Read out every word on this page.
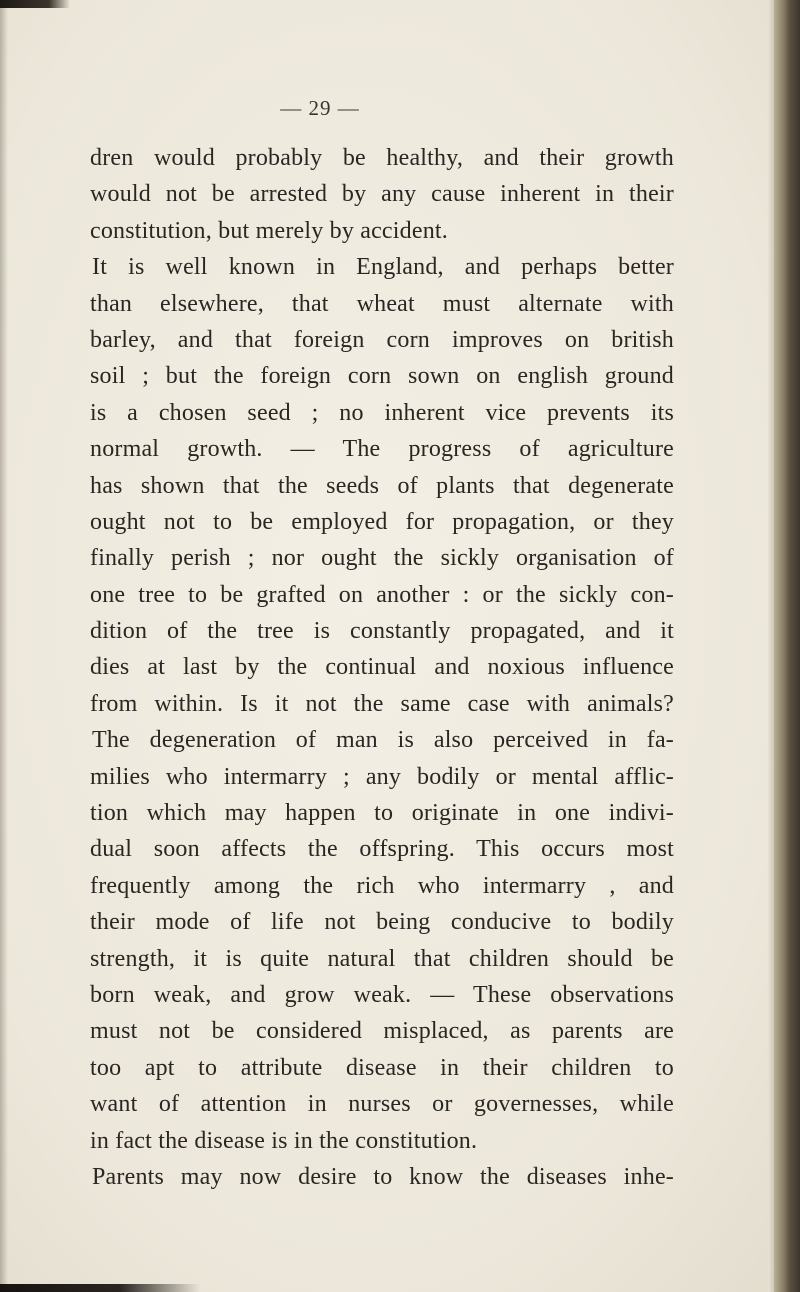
— 29 —
dren would probably be healthy, and their growth
would not be arrested by any cause inherent in their
constitution, but merely by accident.
It is well known in England, and perhaps better
than elsewhere, that wheat must alternate with
barley, and that foreign corn improves on british
soil ; but the foreign corn sown on english ground
is a chosen seed ; no inherent vice prevents its
normal growth. — The progress of agriculture
has shown that the seeds of plants that degenerate
ought not to be employed for propagation, or they
finally perish ; nor ought the sickly organisation of
one tree to be grafted on another : or the sickly con-
dition of the tree is constantly propagated, and it
dies at last by the continual and noxious influence
from within. Is it not the same case with animals?
The degeneration of man is also perceived in fa-
milies who intermarry ; any bodily or mental afflic-
tion which may happen to originate in one indivi-
dual soon affects the offspring. This occurs most
frequently among the rich who intermarry , and
their mode of life not being conducive to bodily
strength, it is quite natural that children should be
born weak, and grow weak. — These observations
must not be considered misplaced, as parents are
too apt to attribute disease in their children to
want of attention in nurses or governesses, while
in fact the disease is in the constitution.
Parents may now desire to know the diseases inhe-
